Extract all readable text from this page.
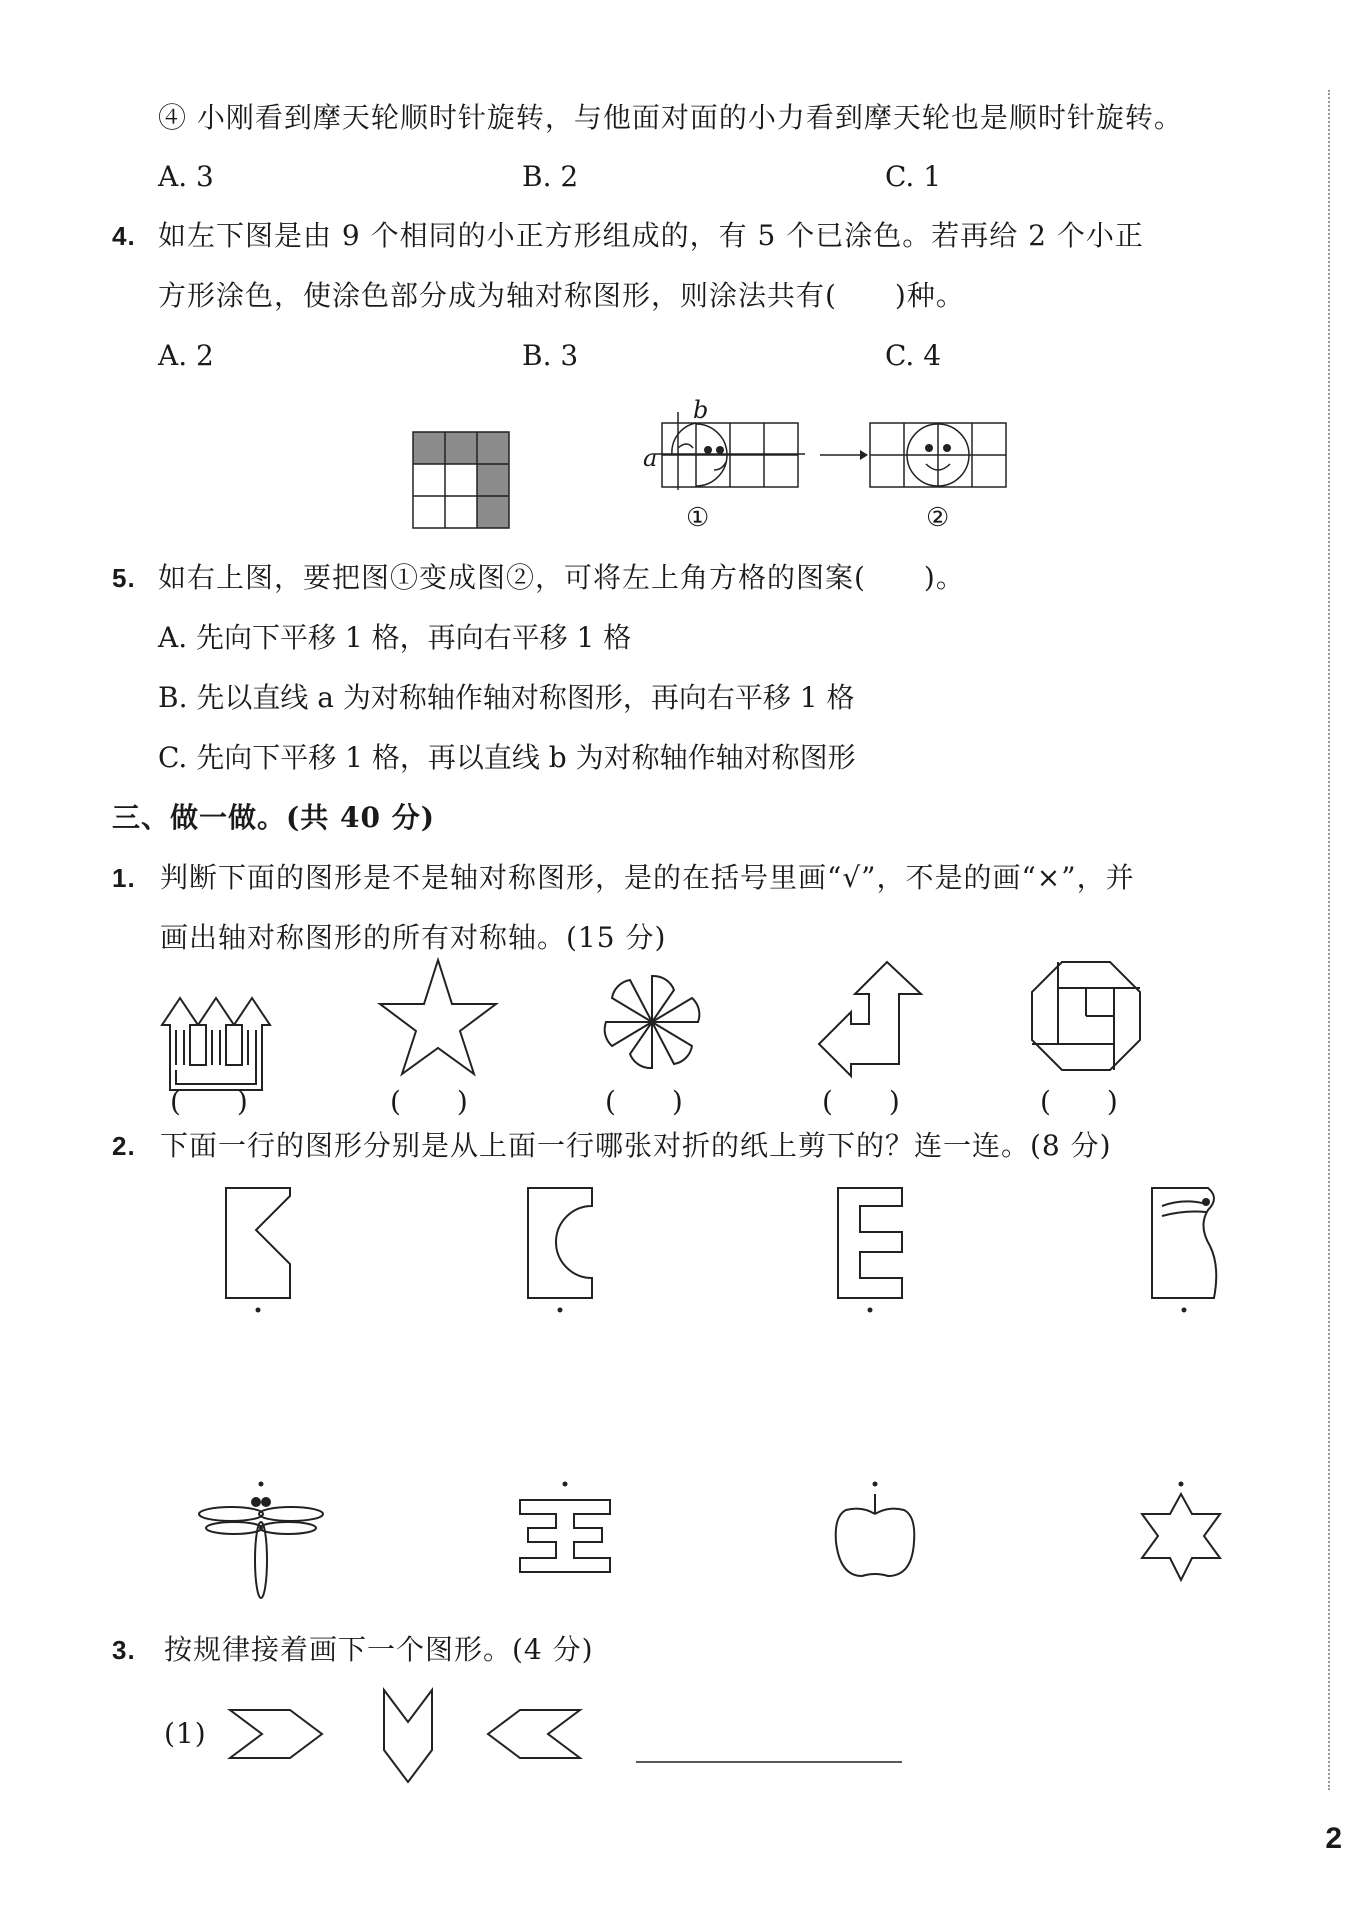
④ 小刚看到摩天轮顺时针旋转，与他面对面的小力看到摩天轮也是顺时针旋转。
A. 3	B. 2	C. 1
4. 如左下图是由 9 个相同的小正方形组成的，有 5 个已涂色。若再给 2 个小正
方形涂色，使涂色部分成为轴对称图形，则涂法共有(　　)种。
A. 2	B. 3	C. 4
b
a
①	②
5. 如右上图，要把图①变成图②，可将左上角方格的图案(　　)。
A. 先向下平移 1 格，再向右平移 1 格
B. 先以直线 a 为对称轴作轴对称图形，再向右平移 1 格
C. 先向下平移 1 格，再以直线 b 为对称轴作轴对称图形
三、做一做。(共 40 分)
1. 判断下面的图形是不是轴对称图形，是的在括号里画“√”，不是的画“×”，并
画出轴对称图形的所有对称轴。(15 分)
(　　)	(　　)	(　　)	(　　)	(　　)
2. 下面一行的图形分别是从上面一行哪张对折的纸上剪下的？连一连。(8 分)
3. 按规律接着画下一个图形。(4 分)
(1)
2
